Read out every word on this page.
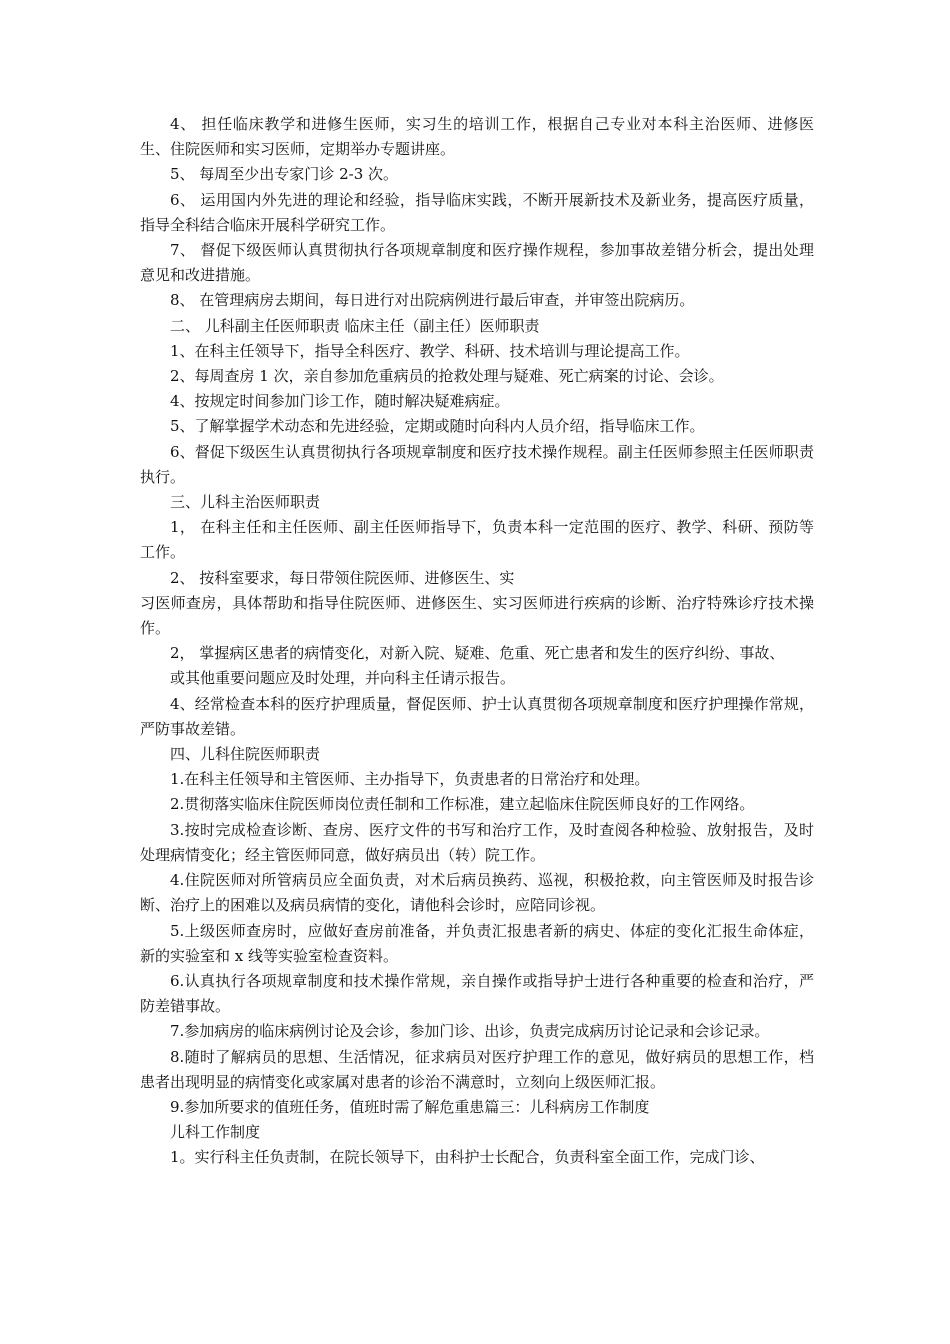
4、 担任临床教学和进修生医师，实习生的培训工作，根据自己专业对本科主治医师、进修医生、住院医师和实习医师，定期举办专题讲座。

5、 每周至少出专家门诊 2-3 次。

6、 运用国内外先进的理论和经验，指导临床实践，不断开展新技术及新业务，提高医疗质量，指导全科结合临床开展科学研究工作。

7、 督促下级医师认真贯彻执行各项规章制度和医疗操作规程，参加事故差错分析会，提出处理意见和改进措施。

8、 在管理病房去期间，每日进行对出院病例进行最后审查，并审签出院病历。

二、 儿科副主任医师职责 临床主任（副主任）医师职责

1、在科主任领导下，指导全科医疗、教学、科研、技术培训与理论提高工作。

2、每周查房 1 次，亲自参加危重病员的抢救处理与疑难、死亡病案的讨论、会诊。

4、按规定时间参加门诊工作，随时解决疑难病症。

5、了解掌握学术动态和先进经验，定期或随时向科内人员介绍，指导临床工作。

6、督促下级医生认真贯彻执行各项规章制度和医疗技术操作规程。副主任医师参照主任医师职责执行。

三、儿科主治医师职责

1， 在科主任和主任医师、副主任医师指导下，负责本科一定范围的医疗、教学、科研、预防等工作。

2、 按科室要求，每日带领住院医师、进修医生、实

习医师查房，具体帮助和指导住院医师、进修医生、实习医师进行疾病的诊断、治疗特殊诊疗技术操作。

2， 掌握病区患者的病情变化，对新入院、疑难、危重、死亡患者和发生的医疗纠纷、事故、

或其他重要问题应及时处理，并向科主任请示报告。

4、经常检查本科的医疗护理质量，督促医师、护士认真贯彻各项规章制度和医疗护理操作常规，严防事故差错。

四、儿科住院医师职责

1.在科主任领导和主管医师、主办指导下，负责患者的日常治疗和处理。

2.贯彻落实临床住院医师岗位责任制和工作标准，建立起临床住院医师良好的工作网络。

3.按时完成检查诊断、查房、医疗文件的书写和治疗工作，及时查阅各种检验、放射报告，及时处理病情变化；经主管医师同意，做好病员出（转）院工作。

4.住院医师对所管病员应全面负责，对术后病员换药、巡视，积极抢救，向主管医师及时报告诊断、治疗上的困难以及病员病情的变化，请他科会诊时，应陪同诊视。

5.上级医师查房时，应做好查房前准备，并负责汇报患者新的病史、体症的变化汇报生命体症，新的实验室和 x 线等实验室检查资料。

6.认真执行各项规章制度和技术操作常规，亲自操作或指导护士进行各种重要的检查和治疗，严防差错事故。

7.参加病房的临床病例讨论及会诊，参加门诊、出诊，负责完成病历讨论记录和会诊记录。

8.随时了解病员的思想、生活情况，征求病员对医疗护理工作的意见，做好病员的思想工作，档患者出现明显的病情变化或家属对患者的诊治不满意时，立刻向上级医师汇报。

9.参加所要求的值班任务，值班时需了解危重患篇三：儿科病房工作制度

儿科工作制度

1。实行科主任负责制，在院长领导下，由科护士长配合，负责科室全面工作，完成门诊、
